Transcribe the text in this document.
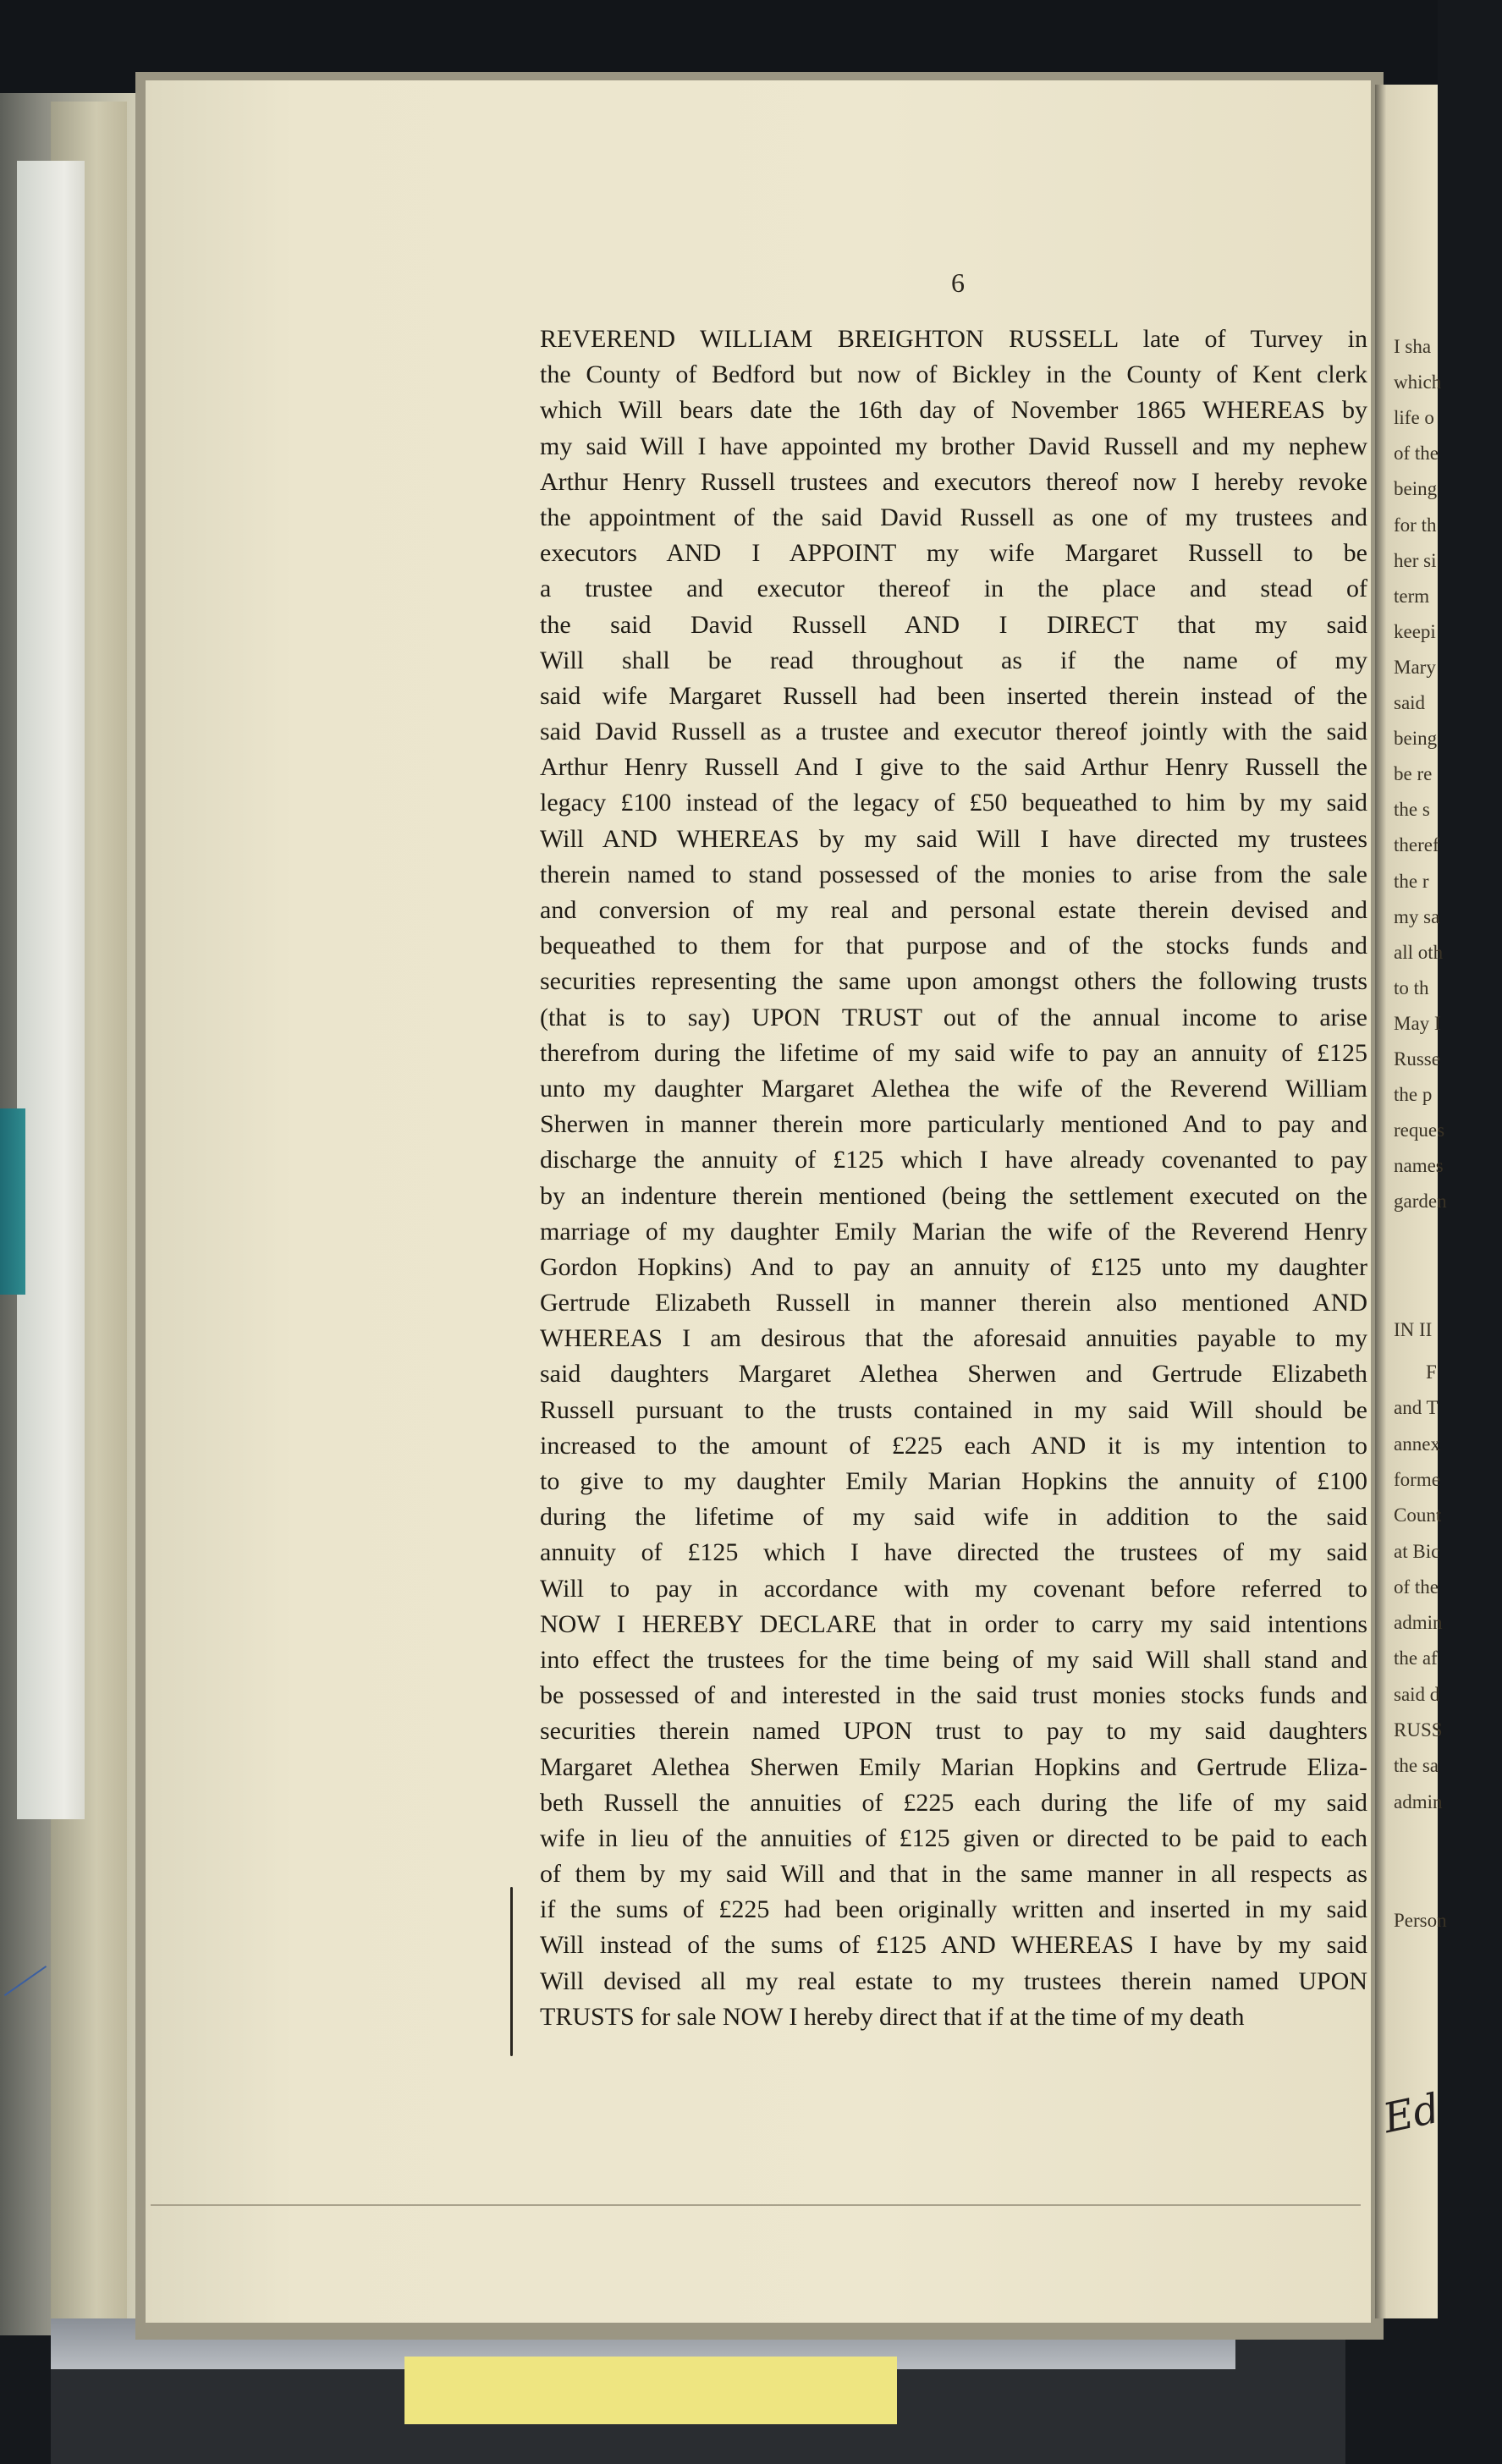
6
REVEREND WILLIAM BREIGHTON RUSSELL late of Turvey in
the County of Bedford but now of Bickley in the County of Kent clerk
which Will bears date the 16th day of November 1865 WHEREAS by
my said Will I have appointed my brother David Russell and my nephew
Arthur Henry Russell trustees and executors thereof now I hereby revoke
the appointment of the said David Russell as one of my trustees and
executors AND I APPOINT my wife Margaret Russell to be
a trustee and executor thereof in the place and stead of
the said David Russell AND I DIRECT that my said
Will shall be read throughout as if the name of my
said wife Margaret Russell had been inserted therein instead of the
said David Russell as a trustee and executor thereof jointly with the said
Arthur Henry Russell And I give to the said Arthur Henry Russell the
legacy £100 instead of the legacy of £50 bequeathed to him by my said
Will AND WHEREAS by my said Will I have directed my trustees
therein named to stand possessed of the monies to arise from the sale
and conversion of my real and personal estate therein devised and
bequeathed to them for that purpose and of the stocks funds and
securities representing the same upon amongst others the following trusts
(that is to say) UPON TRUST out of the annual income to arise
therefrom during the lifetime of my said wife to pay an annuity of £125
unto my daughter Margaret Alethea the wife of the Reverend William
Sherwen in manner therein more particularly mentioned And to pay and
discharge the annuity of £125 which I have already covenanted to pay
by an indenture therein mentioned (being the settlement executed on the
marriage of my daughter Emily Marian the wife of the Reverend Henry
Gordon Hopkins) And to pay an annuity of £125 unto my daughter
Gertrude Elizabeth Russell in manner therein also mentioned AND
WHEREAS I am desirous that the aforesaid annuities payable to my
said daughters Margaret Alethea Sherwen and Gertrude Elizabeth
Russell pursuant to the trusts contained in my said Will should be
increased to the amount of £225 each AND it is my intention to
to give to my daughter Emily Marian Hopkins the annuity of £100
during the lifetime of my said wife in addition to the said
annuity of £125 which I have directed the trustees of my said
Will to pay in accordance with my covenant before referred to
NOW I HEREBY DECLARE that in order to carry my said intentions
into effect the trustees for the time being of my said Will shall stand and
be possessed of and interested in the said trust monies stocks funds and
securities therein named UPON trust to pay to my said daughters
Margaret Alethea Sherwen Emily Marian Hopkins and Gertrude Eliza-
beth Russell the annuities of £225 each during the life of my said
wife in lieu of the annuities of £125 given or directed to be paid to each
of them by my said Will and that in the same manner in all respects as
if the sums of £225 had been originally written and inserted in my said
Will instead of the sums of £125 AND WHEREAS I have by my said
Will devised all my real estate to my trustees therein named UPON
TRUSTS for sale NOW I hereby direct that if at the time of my death
Ed
I sha
which
life o
of the
being
for th
her si
term
keepi
Mary
said
being
be re
the s
theref
the r
my sa
all oth
to th
May I
Russe
the p
reques
names
garden
IN II
F
and T
annex
forme
Count
at Bic
of the
admin
the af
said d
RUSS
the sa
admin
Person
